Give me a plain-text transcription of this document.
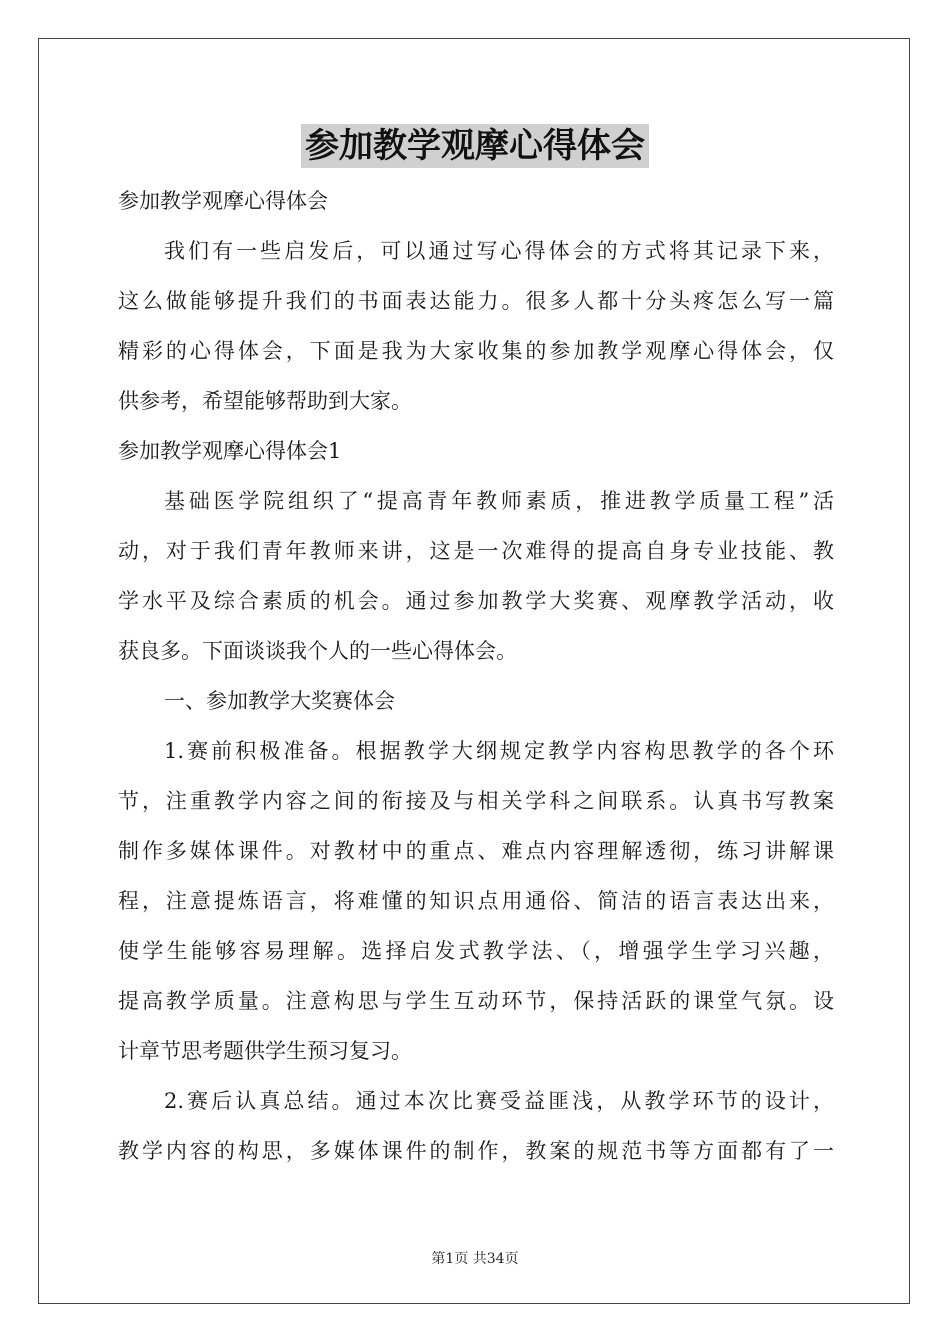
参加教学观摩心得体会
参加教学观摩心得体会
我们有一些启发后，可以通过写心得体会的方式将其记录下来，
这么做能够提升我们的书面表达能力。很多人都十分头疼怎么写一篇
精彩的心得体会，下面是我为大家收集的参加教学观摩心得体会，仅
供参考，希望能够帮助到大家。
参加教学观摩心得体会1
基础医学院组织了“提高青年教师素质，推进教学质量工程”活
动，对于我们青年教师来讲，这是一次难得的提高自身专业技能、教
学水平及综合素质的机会。通过参加教学大奖赛、观摩教学活动，收
获良多。下面谈谈我个人的一些心得体会。
一、参加教学大奖赛体会
1.赛前积极准备。根据教学大纲规定教学内容构思教学的各个环
节，注重教学内容之间的衔接及与相关学科之间联系。认真书写教案
制作多媒体课件。对教材中的重点、难点内容理解透彻，练习讲解课
程，注意提炼语言，将难懂的知识点用通俗、简洁的语言表达出来，
使学生能够容易理解。选择启发式教学法、（，增强学生学习兴趣，
提高教学质量。注意构思与学生互动环节，保持活跃的课堂气氛。设
计章节思考题供学生预习复习。
2.赛后认真总结。通过本次比赛受益匪浅，从教学环节的设计，
教学内容的构思，多媒体课件的制作，教案的规范书等方面都有了一
第1页 共34页
